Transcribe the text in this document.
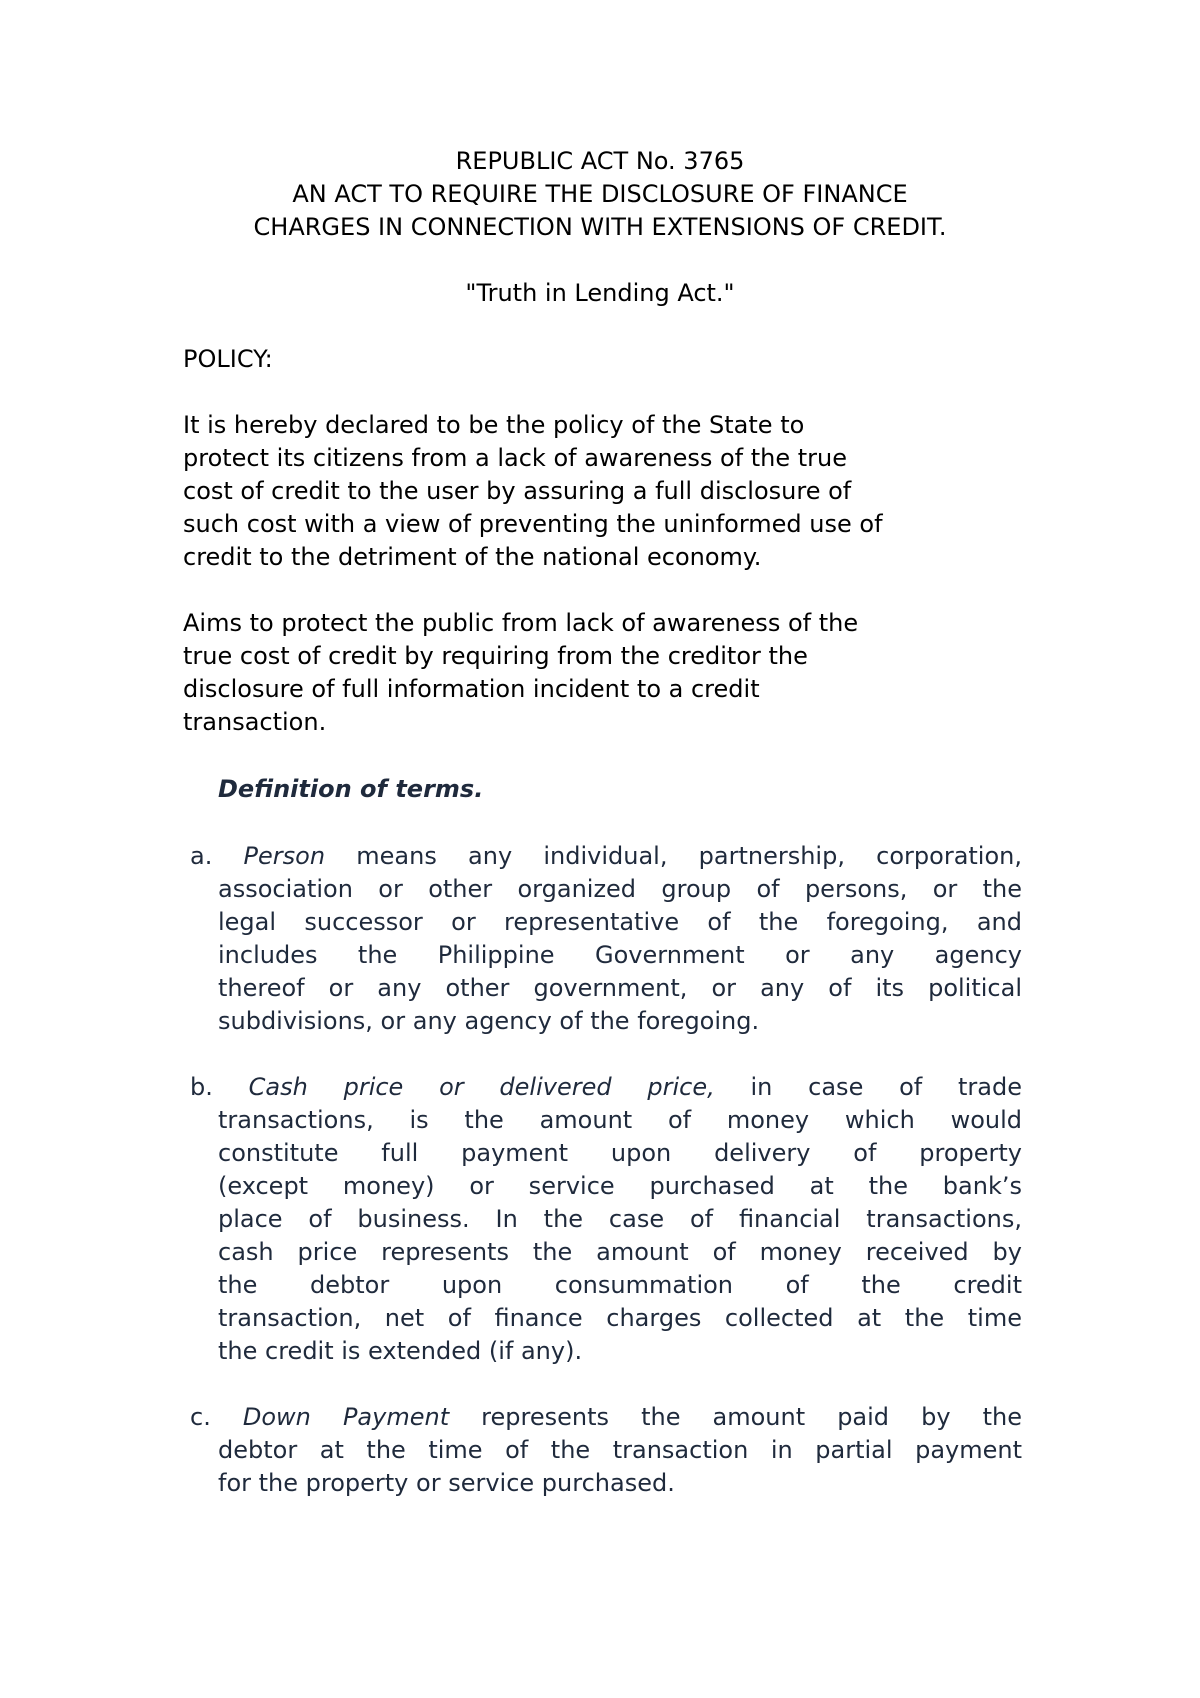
REPUBLIC ACT No. 3765
AN ACT TO REQUIRE THE DISCLOSURE OF FINANCE
CHARGES IN CONNECTION WITH EXTENSIONS OF CREDIT.
"Truth in Lending Act."
POLICY:
It is hereby declared to be the policy of the State to
protect its citizens from a lack of awareness of the true
cost of credit to the user by assuring a full disclosure of
such cost with a view of preventing the uninformed use of
credit to the detriment of the national economy.
Aims to protect the public from lack of awareness of the
true cost of credit by requiring from the creditor the
disclosure of full information incident to a credit
transaction.
Definition of terms.
a. Person means any individual, partnership, corporation,
association or other organized group of persons, or the
legal successor or representative of the foregoing, and
includes the Philippine Government or any agency
thereof or any other government, or any of its political
subdivisions, or any agency of the foregoing.
b. Cash price or delivered price, in case of trade
transactions, is the amount of money which would
constitute full payment upon delivery of property
(except money) or service purchased at the bank’s
place of business. In the case of financial transactions,
cash price represents the amount of money received by
the debtor upon consummation of the credit
transaction, net of finance charges collected at the time
the credit is extended (if any).
c. Down Payment represents the amount paid by the
debtor at the time of the transaction in partial payment
for the property or service purchased.
